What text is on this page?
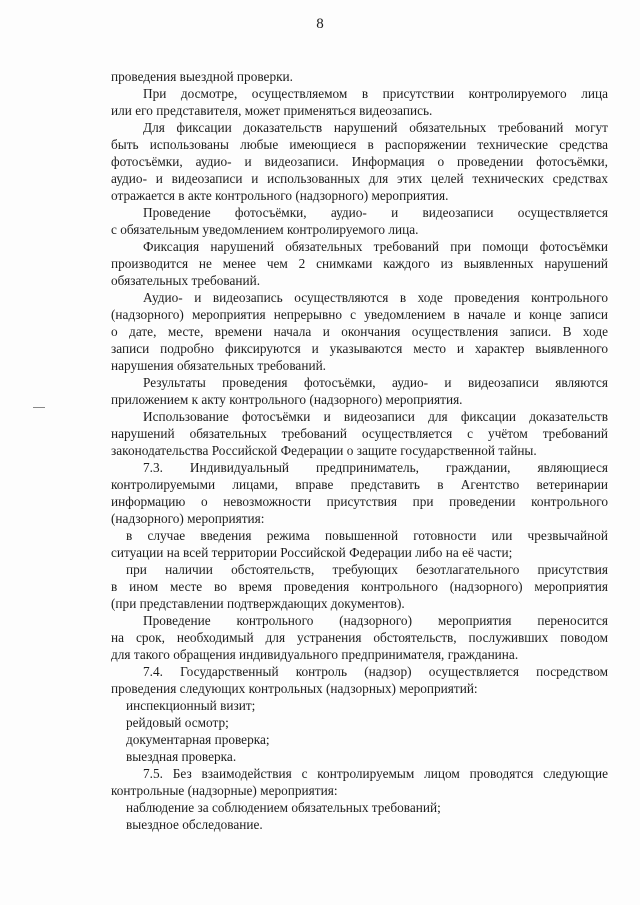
8
проведения выездной проверки.
При досмотре, осуществляемом в присутствии контролируемого лица
или его представителя, может применяться видеозапись.
Для фиксации доказательств нарушений обязательных требований могут
быть использованы любые имеющиеся в распоряжении технические средства
фотосъёмки, аудио- и видеозаписи. Информация о проведении фотосъёмки,
аудио- и видеозаписи и использованных для этих целей технических средствах
отражается в акте контрольного (надзорного) мероприятия.
Проведение фотосъёмки, аудио- и видеозаписи осуществляется
с обязательным уведомлением контролируемого лица.
Фиксация нарушений обязательных требований при помощи фотосъёмки
производится не менее чем 2 снимками каждого из выявленных нарушений
обязательных требований.
Аудио- и видеозапись осуществляются в ходе проведения контрольного
(надзорного) мероприятия непрерывно с уведомлением в начале и конце записи
о дате, месте, времени начала и окончания осуществления записи. В ходе
записи подробно фиксируются и указываются место и характер выявленного
нарушения обязательных требований.
Результаты проведения фотосъёмки, аудио- и видеозаписи являются
приложением к акту контрольного (надзорного) мероприятия.
Использование фотосъёмки и видеозаписи для фиксации доказательств
нарушений обязательных требований осуществляется с учётом требований
законодательства Российской Федерации о защите государственной тайны.
7.3. Индивидуальный предприниматель, граждании, являющиеся
контролируемыми лицами, вправе представить в Агентство ветеринарии
информацию о невозможности присутствия при проведении контрольного
(надзорного) мероприятия:
в случае введения режима повышенной готовности или чрезвычайной
ситуации на всей территории Российской Федерации либо на её части;
при наличии обстоятельств, требующих безотлагательного присутствия
в ином месте во время проведения контрольного (надзорного) мероприятия
(при представлении подтверждающих документов).
Проведение контрольного (надзорного) мероприятия переносится
на срок, необходимый для устранения обстоятельств, послуживших поводом
для такого обращения индивидуального предпринимателя, гражданина.
7.4. Государственный контроль (надзор) осуществляется посредством
проведения следующих контрольных (надзорных) мероприятий:
инспекционный визит;
рейдовый осмотр;
документарная проверка;
выездная проверка.
7.5. Без взаимодействия с контролируемым лицом проводятся следующие
контрольные (надзорные) мероприятия:
наблюдение за соблюдением обязательных требований;
выездное обследование.
